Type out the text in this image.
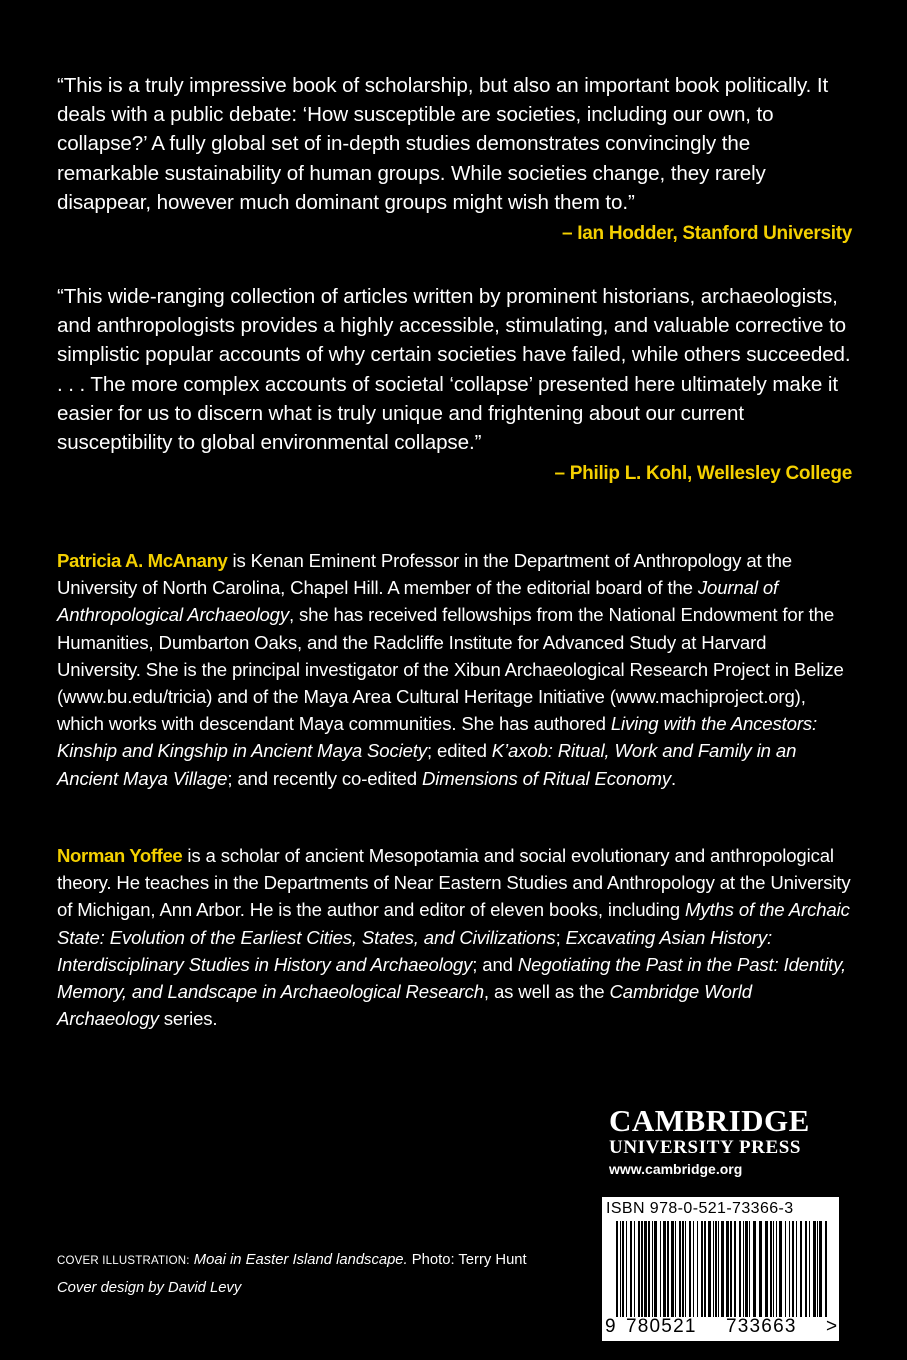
“This is a truly impressive book of scholarship, but also an important book politically. It deals with a public debate: ‘How susceptible are societies, including our own, to collapse?’ A fully global set of in-depth studies demonstrates convincingly the remarkable sustainability of human groups. While societies change, they rarely disappear, however much dominant groups might wish them to.”

– Ian Hodder, Stanford University

“This wide-ranging collection of articles written by prominent historians, archaeologists, and anthropologists provides a highly accessible, stimulating, and valuable corrective to simplistic popular accounts of why certain societies have failed, while others succeeded. . . . The more complex accounts of societal ‘collapse’ presented here ultimately make it easier for us to discern what is truly unique and frightening about our current susceptibility to global environmental collapse.”

– Philip L. Kohl, Wellesley College

Patricia A. McAnany is Kenan Eminent Professor in the Department of Anthropology at the University of North Carolina, Chapel Hill. A member of the editorial board of the Journal of Anthropological Archaeology, she has received fellowships from the National Endowment for the Humanities, Dumbarton Oaks, and the Radcliffe Institute for Advanced Study at Harvard University. She is the principal investigator of the Xibun Archaeological Research Project in Belize (www.bu.edu/tricia) and of the Maya Area Cultural Heritage Initiative (www.machiproject.org), which works with descendant Maya communities. She has authored Living with the Ancestors: Kinship and Kingship in Ancient Maya Society; edited K’axob: Ritual, Work and Family in an Ancient Maya Village; and recently co-edited Dimensions of Ritual Economy.

Norman Yoffee is a scholar of ancient Mesopotamia and social evolutionary and anthropological theory. He teaches in the Departments of Near Eastern Studies and Anthropology at the University of Michigan, Ann Arbor. He is the author and editor of eleven books, including Myths of the Archaic State: Evolution of the Earliest Cities, States, and Civilizations; Excavating Asian History: Interdisciplinary Studies in History and Archaeology; and Negotiating the Past in the Past: Identity, Memory, and Landscape in Archaeological Research, as well as the Cambridge World Archaeology series.

CAMBRIDGE
UNIVERSITY PRESS
www.cambridge.org
ISBN 978-0-521-73366-3
9 780521 733663 >

COVER ILLUSTRATION: Moai in Easter Island landscape. Photo: Terry Hunt

Cover design by David Levy
